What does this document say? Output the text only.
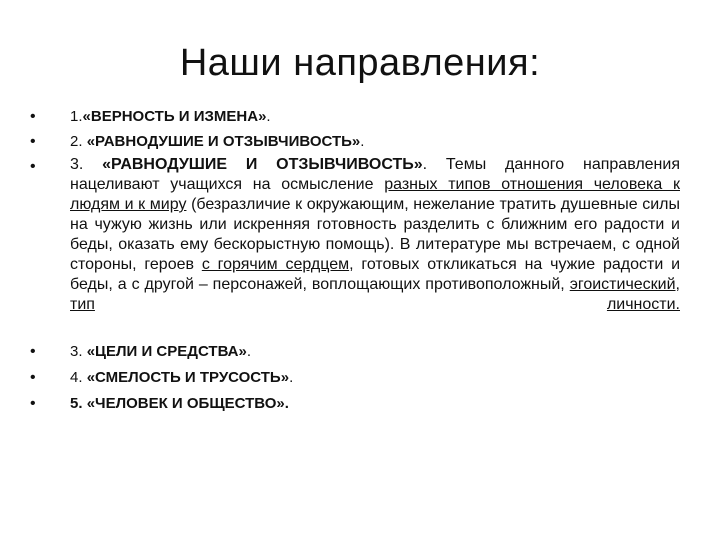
Наши направления:
•	1.«ВЕРНОСТЬ И ИЗМЕНА».
•	2. «РАВНОДУШИЕ И ОТЗЫВЧИВОСТЬ».
•	3. «РАВНОДУШИЕ И ОТЗЫВЧИВОСТЬ». Темы данного направления нацеливают учащихся на осмысление разных типов отношения человека к людям и к миру (безразличие к окружающим, нежелание тратить душевные силы на чужую жизнь или искренняя готовность разделить с ближним его радости и беды, оказать ему бескорыстную помощь). В литературе мы встречаем, с одной стороны, героев с горячим сердцем, готовых откликаться на чужие радости и беды, а с другой – персонажей, воплощающих противоположный, эгоистический, тип	личности.
•	3. «ЦЕЛИ И СРЕДСТВА».
•	4. «СМЕЛОСТЬ И ТРУСОСТЬ».
•	5. «ЧЕЛОВЕК И ОБЩЕСТВО».
